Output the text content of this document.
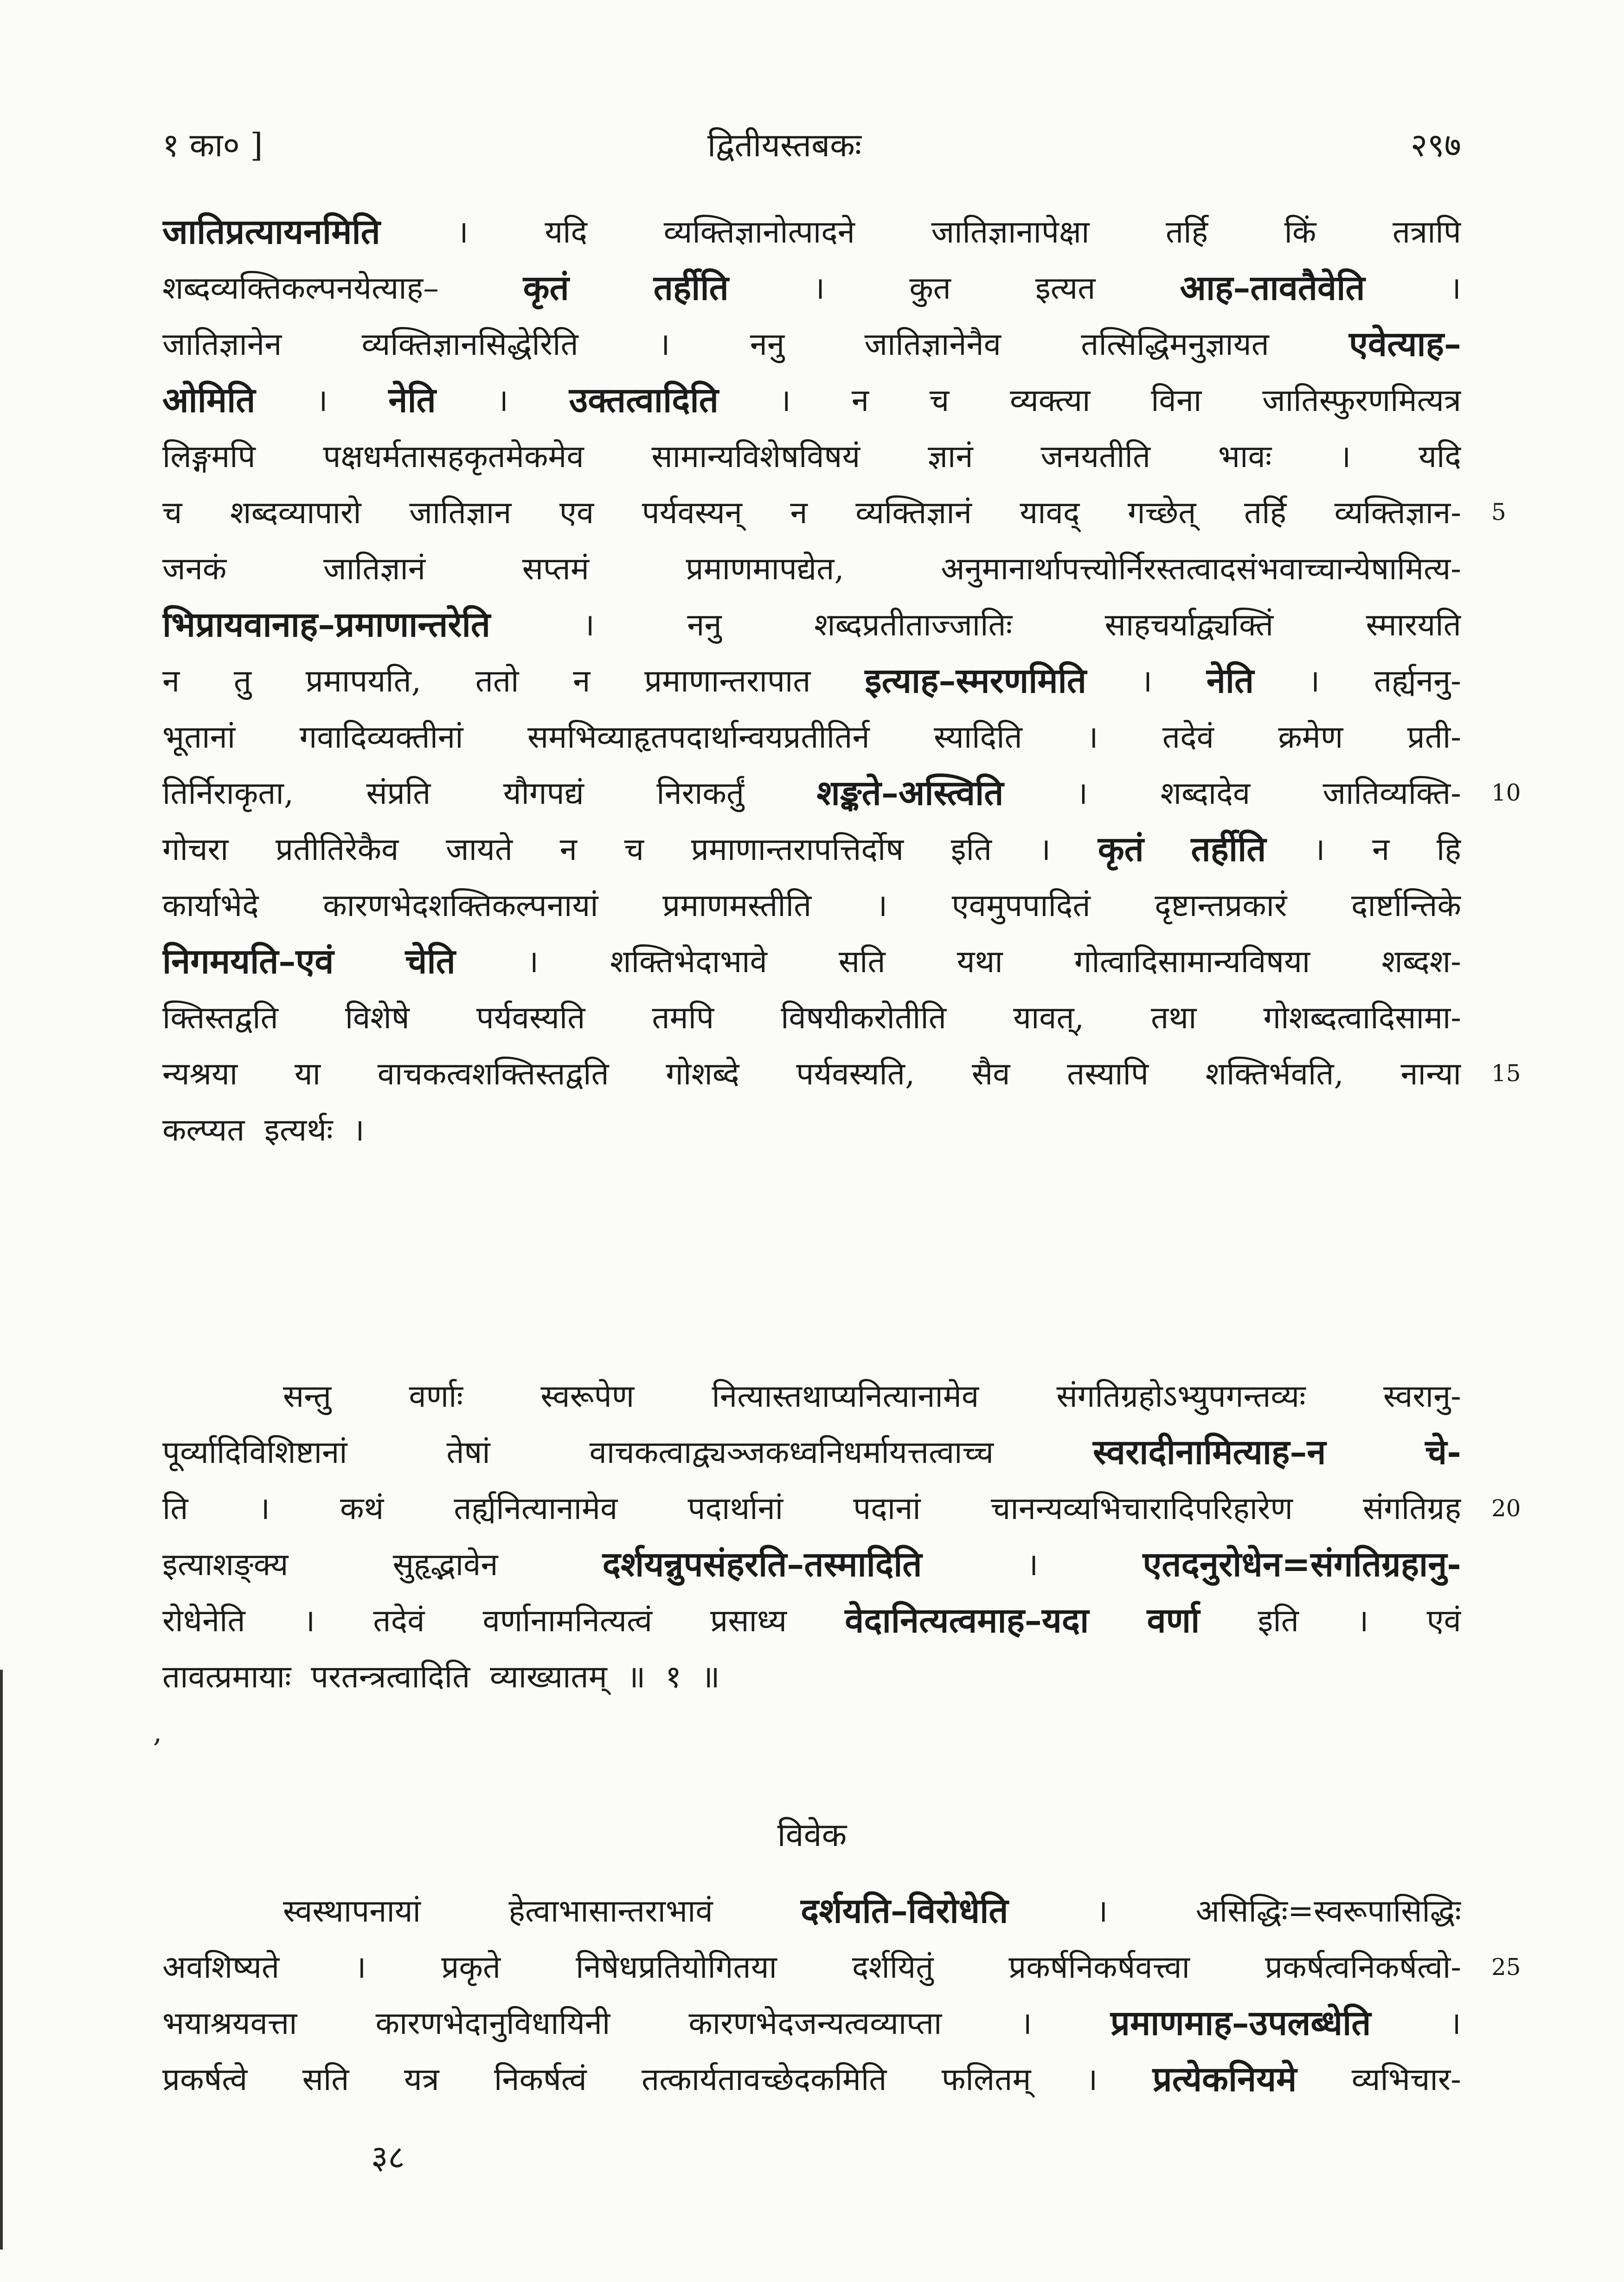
१ का० ]	द्वितीयस्तबकः	२९७
जातिप्रत्यायनमिति । यदि व्यक्तिज्ञानोत्पादने जातिज्ञानापेक्षा तर्हि किं तत्रापि
शब्दव्यक्तिकल्पनयेत्याह– कृतं तर्हीति	।	कुत	इत्यत आह–तावतैवेति	।
जातिज्ञानेन	व्यक्तिज्ञानसिद्धेरिति	।	ननु	जातिज्ञानेनैव	तत्सिद्धिमनुज्ञायत एवेत्याह–
ओमिति । नेति । उक्तत्वादिति । न च व्यक्त्या विना जातिस्फुरणमित्यत्र
लिङ्गमपि पक्षधर्मतासहकृतमेकमेव सामान्यविशेषविषयं ज्ञानं जनयतीति भावः । यदि
च शब्दव्यापारो जातिज्ञान एव पर्यवस्यन् न व्यक्तिज्ञानं यावद् गच्छेत् तर्हि व्यक्तिज्ञान-
जनकं	जातिज्ञानं	सप्तमं	प्रमाणमापद्येत,	अनुमानार्थापत्त्योर्निरस्तत्वादसंभवाच्चान्येषामित्य-
भिप्रायवानाह–प्रमाणान्तरेति	।	ननु	शब्दप्रतीताज्जातिः	साहचर्याद्व्यक्तिं	स्मारयति
न तु प्रमापयति, ततो न प्रमाणान्तरापात इत्याह–स्मरणमिति । नेति । तर्ह्यननु-
भूतानां गवादिव्यक्तीनां समभिव्याहृतपदार्थान्वयप्रतीतिर्न स्यादिति । तदेवं क्रमेण प्रती-
तिर्निराकृता, संप्रति यौगपद्यं निराकर्तुं शङ्कते–अस्त्विति । शब्दादेव जातिव्यक्ति-
गोचरा प्रतीतिरेकैव जायते न च प्रमाणान्तरापत्तिर्दोष इति । कृतं तर्हीति । न हि
कार्याभेदे कारणभेदशक्तिकल्पनायां प्रमाणमस्तीति । एवमुपपादितं दृष्टान्तप्रकारं दार्ष्टान्तिके
निगमयति–एवं चेति । शक्तिभेदाभावे सति यथा गोत्वादिसामान्यविषया शब्दश-
क्तिस्तद्वति विशेषे पर्यवस्यति तमपि विषयीकरोतीति यावत्, तथा गोशब्दत्वादिसामा-
न्यश्रया या वाचकत्वशक्तिस्तद्वति गोशब्दे पर्यवस्यति, सैव तस्यापि शक्तिर्भवति, नान्या
कल्प्यत
इत्यर्थः
।
सन्तु वर्णाः स्वरूपेण नित्यास्तथाप्यनित्यानामेव संगतिग्रहोऽभ्युपगन्तव्यः स्वरानु-
पूर्व्यादिविशिष्टानां	तेषां	वाचकत्वाद्व्यञ्जकध्वनिधर्मायत्तत्वाच्च	स्वरादीनामित्याह–न	चे-
ति । कथं तर्ह्यनित्यानामेव पदार्थानां पदानां चानन्यव्यभिचारादिपरिहारेण संगतिग्रह
इत्याशङ्क्य	सुहृद्भावेन	दर्शयन्नुपसंहरति–तस्मादिति	।	एतदनुरोधेन=संगतिग्रहानु-
रोधेनेति । तदेवं वर्णानामनित्यत्वं प्रसाध्य वेदानित्यत्वमाह–यदा वर्णा इति । एवं
तावत्प्रमायाः
परतन्त्रत्वादिति
व्याख्यातम्
॥
१
॥
विवेक
स्वस्थापनायां	हेत्वाभासान्तराभावं	दर्शयति–विरोधेति	।	असिद्धिः=स्वरूपासिद्धिः
अवशिष्यते । प्रकृते निषेधप्रतियोगितया दर्शयितुं प्रकर्षनिकर्षवत्त्वा प्रकर्षत्वनिकर्षत्वो-
भयाश्रयवत्ता	कारणभेदानुविधायिनी	कारणभेदजन्यत्वव्याप्ता	। प्रमाणमाह–उपलब्धेति	।
प्रकर्षत्वे सति यत्र निकर्षत्वं तत्कार्यतावच्छेदकमिति फलितम् । प्रत्येकनियमे व्यभिचार-
5
10
15
20
25
३८
,
